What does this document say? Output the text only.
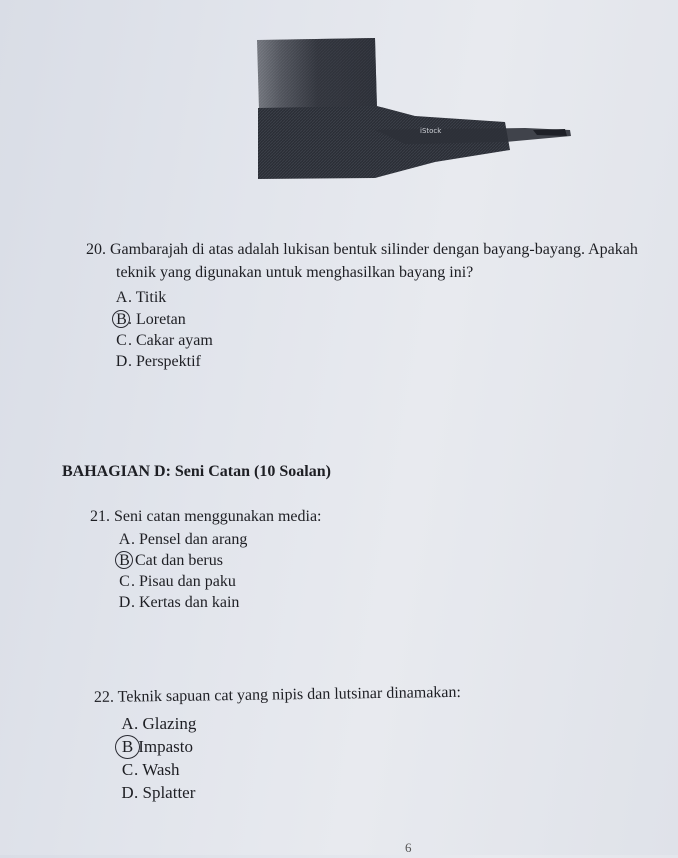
iStock
20. Gambarajah di atas adalah lukisan bentuk silinder dengan bayang-bayang. Apakah
teknik yang digunakan untuk menghasilkan bayang ini?
A. Titik
B. Loretan
C. Cakar ayam
D. Perspektif
BAHAGIAN D: Seni Catan (10 Soalan)
21. Seni catan menggunakan media:
A. Pensel dan arang
B Cat dan berus
C. Pisau dan paku
D. Kertas dan kain
22. Teknik sapuan cat yang nipis dan lutsinar dinamakan:
A. Glazing
B Impasto
C. Wash
D. Splatter
6
